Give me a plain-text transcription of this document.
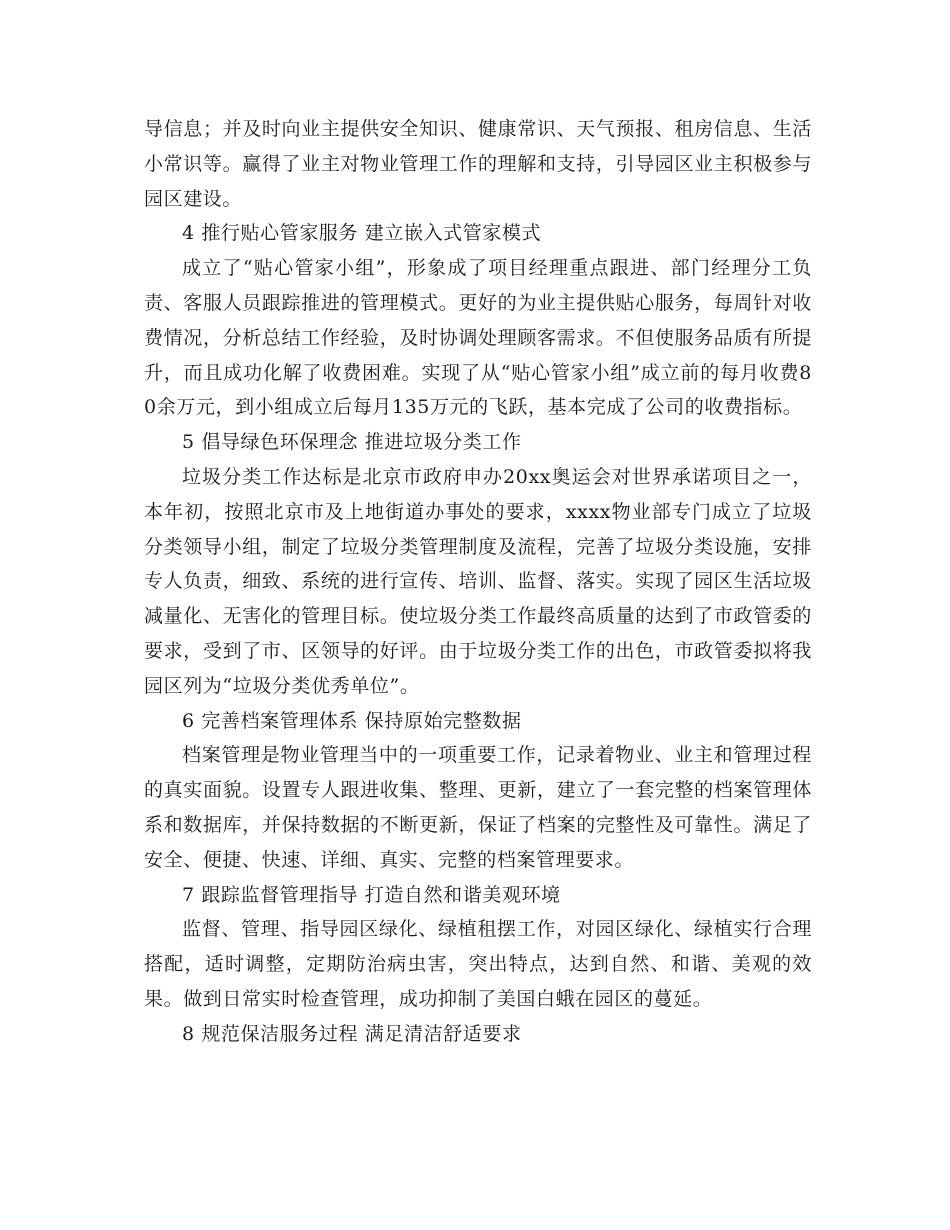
导信息；并及时向业主提供安全知识、健康常识、天气预报、租房信息、生活小常识等。赢得了业主对物业管理工作的理解和支持，引导园区业主积极参与园区建设。

4 推行贴心管家服务 建立嵌入式管家模式

成立了“贴心管家小组”，形象成了项目经理重点跟进、部门经理分工负责、客服人员跟踪推进的管理模式。更好的为业主提供贴心服务，每周针对收费情况，分析总结工作经验，及时协调处理顾客需求。不但使服务品质有所提升，而且成功化解了收费困难。实现了从“贴心管家小组”成立前的每月收费80余万元，到小组成立后每月135万元的飞跃，基本完成了公司的收费指标。

5 倡导绿色环保理念 推进垃圾分类工作

垃圾分类工作达标是北京市政府申办20xx奥运会对世界承诺项目之一，本年初，按照北京市及上地街道办事处的要求，xxxx物业部专门成立了垃圾分类领导小组，制定了垃圾分类管理制度及流程，完善了垃圾分类设施，安排专人负责，细致、系统的进行宣传、培训、监督、落实。实现了园区生活垃圾减量化、无害化的管理目标。使垃圾分类工作最终高质量的达到了市政管委的要求，受到了市、区领导的好评。由于垃圾分类工作的出色，市政管委拟将我园区列为“垃圾分类优秀单位”。

6 完善档案管理体系 保持原始完整数据

档案管理是物业管理当中的一项重要工作，记录着物业、业主和管理过程的真实面貌。设置专人跟进收集、整理、更新，建立了一套完整的档案管理体系和数据库，并保持数据的不断更新，保证了档案的完整性及可靠性。满足了安全、便捷、快速、详细、真实、完整的档案管理要求。

7 跟踪监督管理指导 打造自然和谐美观环境

监督、管理、指导园区绿化、绿植租摆工作，对园区绿化、绿植实行合理搭配，适时调整，定期防治病虫害，突出特点，达到自然、和谐、美观的效果。做到日常实时检查管理，成功抑制了美国白蛾在园区的蔓延。

8 规范保洁服务过程 满足清洁舒适要求
